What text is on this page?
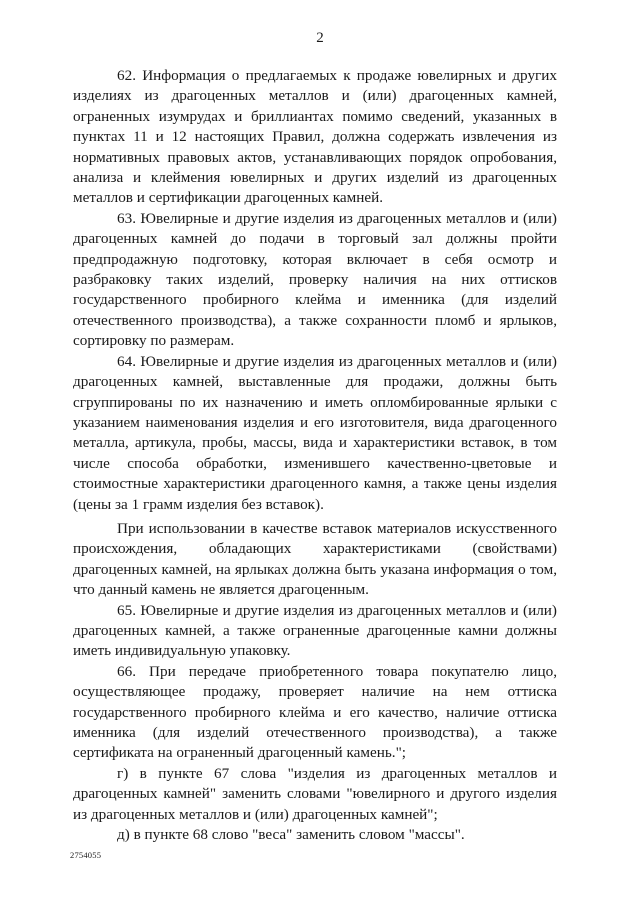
2

62. Информация о предлагаемых к продаже ювелирных и других изделиях из драгоценных металлов и (или) драгоценных камней, ограненных изумрудах и бриллиантах помимо сведений, указанных в пунктах 11 и 12 настоящих Правил, должна содержать извлечения из нормативных правовых актов, устанавливающих порядок опробования, анализа и клеймения ювелирных и других изделий из драгоценных металлов и сертификации драгоценных камней.

63. Ювелирные и другие изделия из драгоценных металлов и (или) драгоценных камней до подачи в торговый зал должны пройти предпродажную подготовку, которая включает в себя осмотр и разбраковку таких изделий, проверку наличия на них оттисков государственного пробирного клейма и именника (для изделий отечественного производства), а также сохранности пломб и ярлыков, сортировку по размерам.

64. Ювелирные и другие изделия из драгоценных металлов и (или) драгоценных камней, выставленные для продажи, должны быть сгруппированы по их назначению и иметь опломбированные ярлыки с указанием наименования изделия и его изготовителя, вида драгоценного металла, артикула, пробы, массы, вида и характеристики вставок, в том числе способа обработки, изменившего качественно-цветовые и стоимостные характеристики драгоценного камня, а также цены изделия (цены за 1 грамм изделия без вставок).

При использовании в качестве вставок материалов искусственного происхождения, обладающих характеристиками (свойствами) драгоценных камней, на ярлыках должна быть указана информация о том, что данный камень не является драгоценным.

65. Ювелирные и другие изделия из драгоценных металлов и (или) драгоценных камней, а также ограненные драгоценные камни должны иметь индивидуальную упаковку.

66. При передаче приобретенного товара покупателю лицо, осуществляющее продажу, проверяет наличие на нем оттиска государственного пробирного клейма и его качество, наличие оттиска именника (для изделий отечественного производства), а также сертификата на ограненный драгоценный камень.";

г) в пункте 67 слова "изделия из драгоценных металлов и драгоценных камней" заменить словами "ювелирного и другого изделия из драгоценных металлов и (или) драгоценных камней";

д) в пункте 68 слово "веса" заменить словом "массы".

2754055
